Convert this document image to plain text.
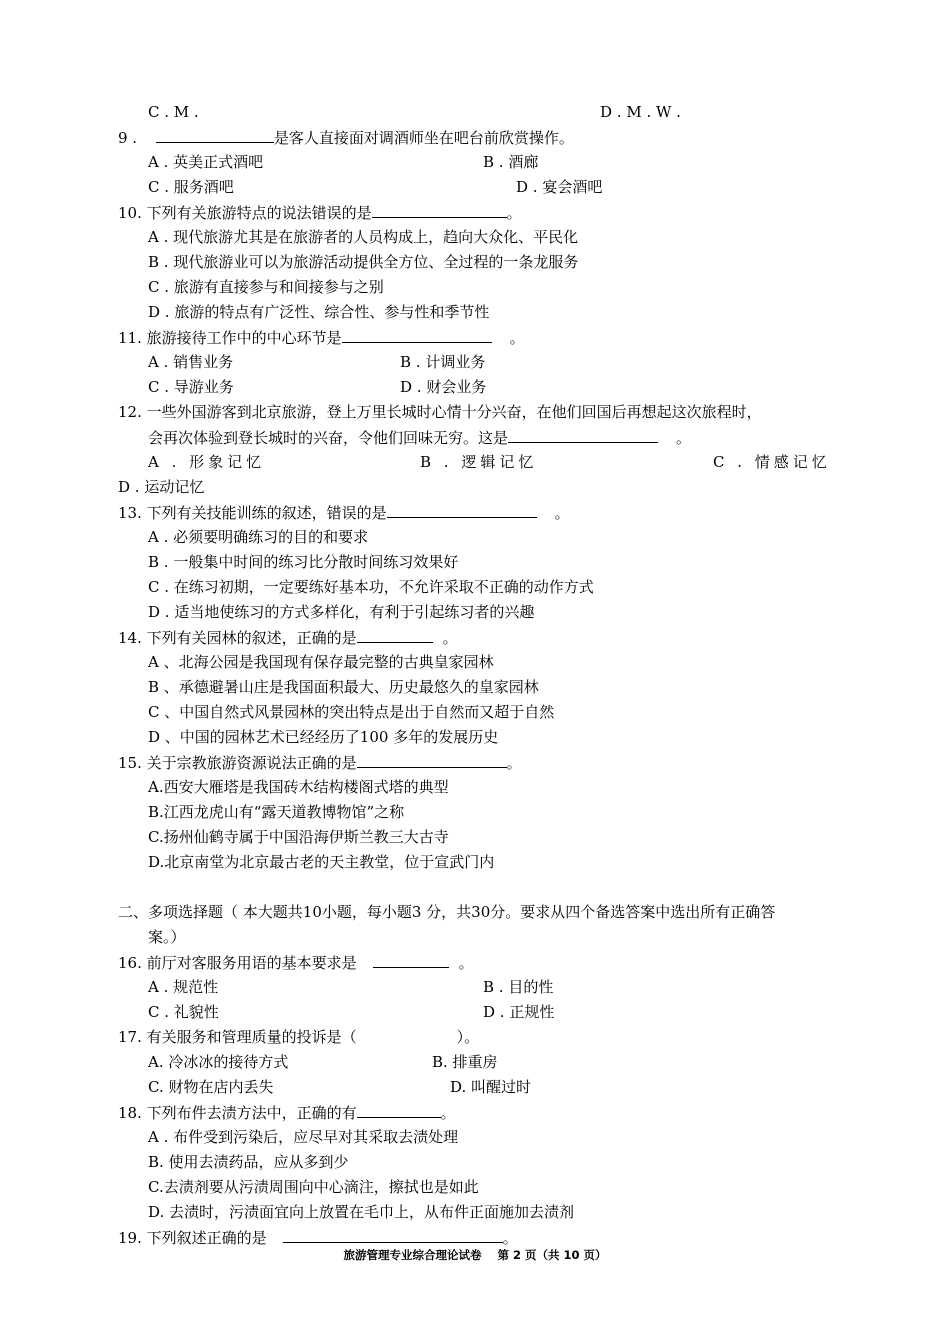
C . M .	D . M . W .
9 .	是客人直接面对调酒师坐在吧台前欣赏操作。
A . 英美正式酒吧	B . 酒廊
C . 服务酒吧	D . 宴会酒吧
10. 下列有关旅游特点的说法错误的是	。
A . 现代旅游尤其是在旅游者的人员构成上，趋向大众化、平民化
B . 现代旅游业可以为旅游活动提供全方位、全过程的一条龙服务
C . 旅游有直接参与和间接参与之别
D . 旅游的特点有广泛性、综合性、参与性和季节性
11. 旅游接待工作中的中心环节是	。
A . 销售业务	B . 计调业务
C . 导游业务	D . 财会业务
12. 一些外国游客到北京旅游，登上万里长城时心情十分兴奋，在他们回国后再想起这次旅程时，
会再次体验到登长城时的兴奋，令他们回味无穷。这是	。
A . 形象记忆	B . 逻辑记忆	C . 情感记忆
D . 运动记忆
13. 下列有关技能训练的叙述，错误的是	。
A . 必须要明确练习的目的和要求
B . 一般集中时间的练习比分散时间练习效果好
C . 在练习初期，一定要练好基本功，不允许采取不正确的动作方式
D . 适当地使练习的方式多样化，有利于引起练习者的兴趣
14. 下列有关园林的叙述，正确的是	。
A 、北海公园是我国现有保存最完整的古典皇家园林
B 、承德避暑山庄是我国面积最大、历史最悠久的皇家园林
C 、中国自然式风景园林的突出特点是出于自然而又超于自然
D 、中国的园林艺术已经经历了100 多年的发展历史
15. 关于宗教旅游资源说法正确的是	。
A.西安大雁塔是我国砖木结构楼阁式塔的典型
B.江西龙虎山有“露天道教博物馆”之称
C.扬州仙鹤寺属于中国沿海伊斯兰教三大古寺
D.北京南堂为北京最古老的天主教堂，位于宣武门内
二、多项选择题（ 本大题共10小题，每小题3 分，共30分。要求从四个备选答案中选出所有正确答
案。）
16. 前厅对客服务用语的基本要求是	。
A . 规范性	B . 目的性
C . 礼貌性	D . 正规性
17. 有关服务和管理质量的投诉是（	）。
A. 冷冰冰的接待方式	B. 排重房
C. 财物在店内丢失	D. 叫醒过时
18. 下列布件去渍方法中，正确的有	。
A . 布件受到污染后，应尽早对其采取去渍处理
B. 使用去渍药品，应从多到少
C.去渍剂要从污渍周围向中心滴注，擦拭也是如此
D. 去渍时，污渍面宜向上放置在毛巾上，从布件正面施加去渍剂
19. 下列叙述正确的是	。
旅游管理专业综合理论试卷 第 2 页（共 10 页）
